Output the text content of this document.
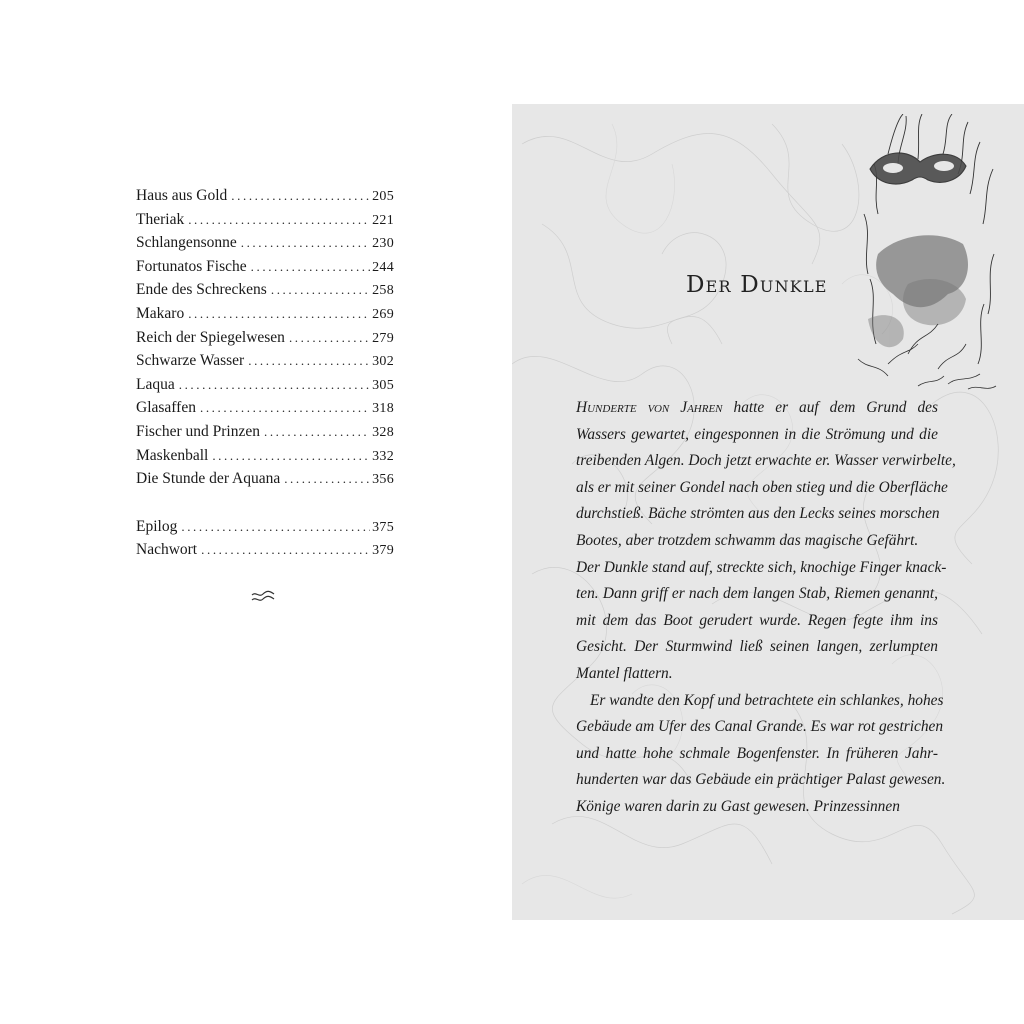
Haus aus Gold .....	205
Theriak .....	221
Schlangensonne .....	230
Fortunatos Fische .....	244
Ende des Schreckens .....	258
Makaro .....	269
Reich der Spiegelwesen .....	279
Schwarze Wasser .....	302
Laqua .....	305
Glasaffen .....	318
Fischer und Prinzen .....	328
Maskenball .....	332
Die Stunde der Aquana .....	356
Epilog .....	375
Nachwort .....	379
Der Dunkle
Hunderte von Jahren hatte er auf dem Grund des
Wassers gewartet, eingesponnen in die Strömung und die
treibenden Algen. Doch jetzt erwachte er. Wasser verwirbelte,
als er mit seiner Gondel nach oben stieg und die Oberfläche
durchstieß. Bäche strömten aus den Lecks seines morschen
Bootes, aber trotzdem schwamm das magische Gefährt.
Der Dunkle stand auf, streckte sich, knochige Finger knack-
ten. Dann griff er nach dem langen Stab, Riemen genannt,
mit dem das Boot gerudert wurde. Regen fegte ihm ins
Gesicht. Der Sturmwind ließ seinen langen, zerlumpten
Mantel flattern.
Er wandte den Kopf und betrachtete ein schlankes, hohes
Gebäude am Ufer des Canal Grande. Es war rot gestrichen
und hatte hohe schmale Bogenfenster. In früheren Jahr-
hunderten war das Gebäude ein prächtiger Palast gewesen.
Könige waren darin zu Gast gewesen. Prinzessinnen
